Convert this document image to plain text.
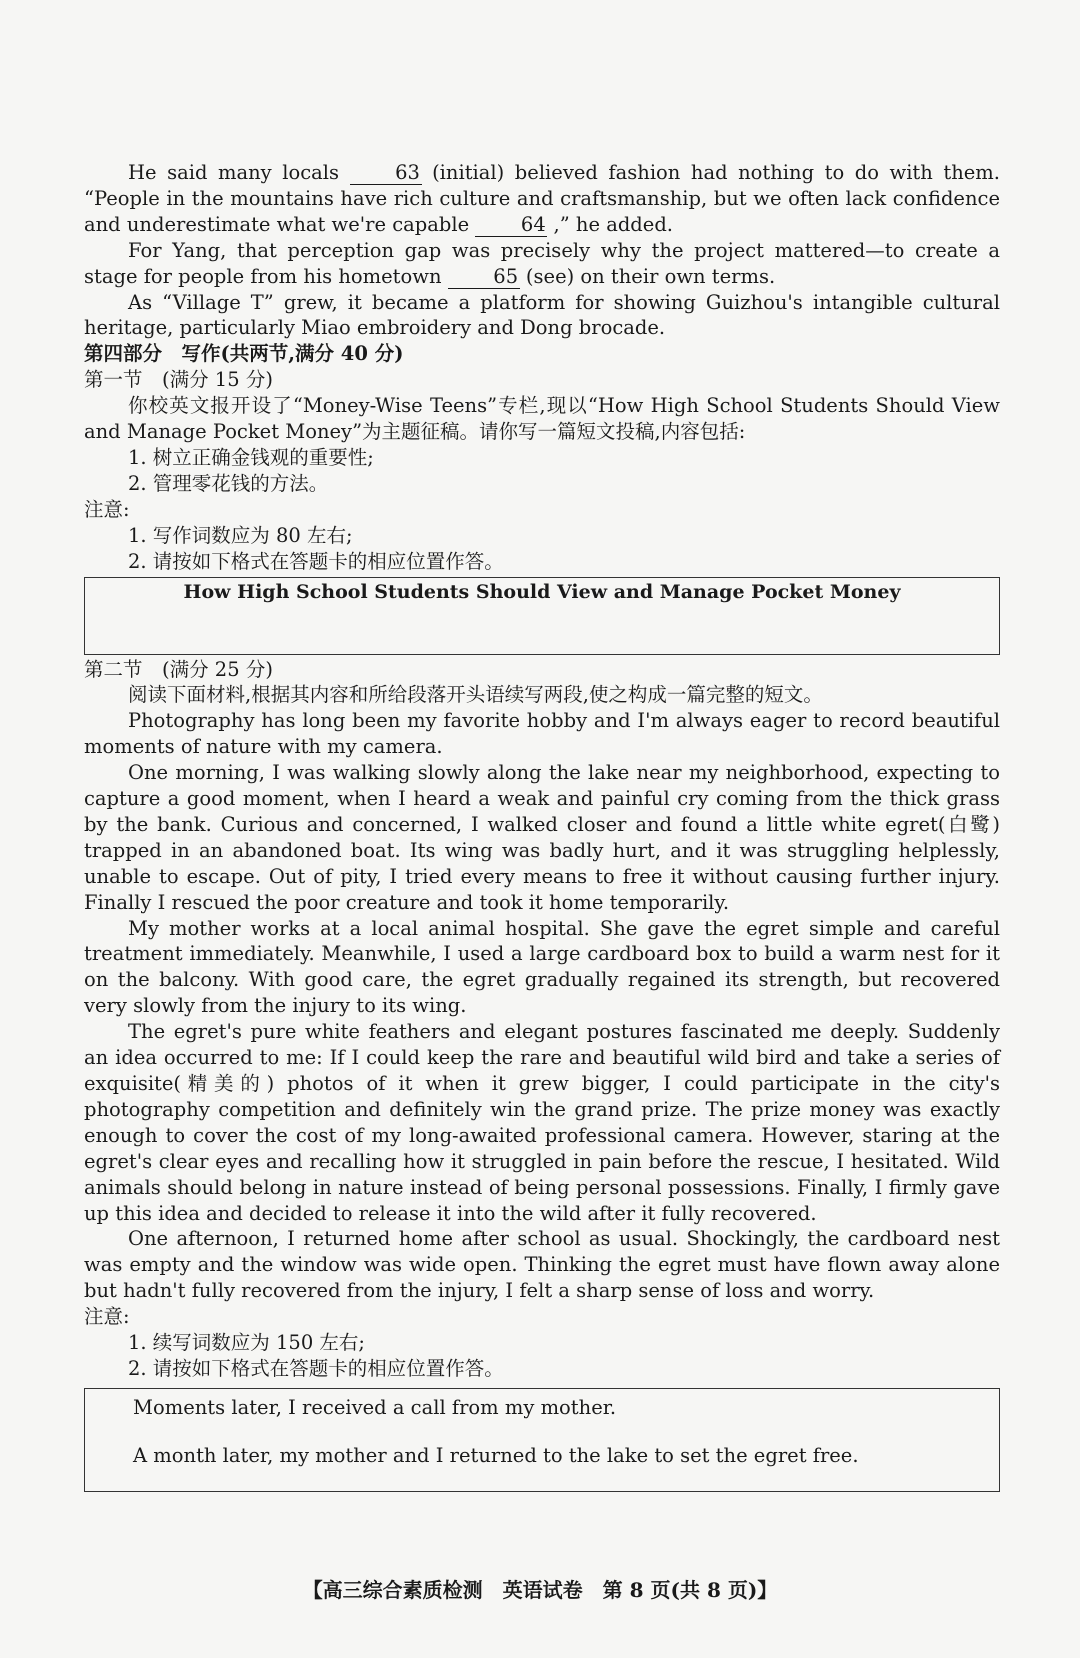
He said many locals 63 (initial) believed fashion had nothing to do with them. “People in the mountains have rich culture and craftsmanship, but we often lack confidence and underestimate what we're capable 64 ,” he added.

For Yang, that perception gap was precisely why the project mattered—to create a stage for people from his hometown 65 (see) on their own terms.

As “Village T” grew, it became a platform for showing Guizhou's intangible cultural heritage, particularly Miao embroidery and Dong brocade.

第四部分　写作(共两节,满分 40 分)

第一节　(满分 15 分)

你校英文报开设了“Money-Wise Teens”专栏,现以“How High School Students Should View and Manage Pocket Money”为主题征稿。请你写一篇短文投稿,内容包括:

1. 树立正确金钱观的重要性;

2. 管理零花钱的方法。

注意:

1. 写作词数应为 80 左右;

2. 请按如下格式在答题卡的相应位置作答。

How High School Students Should View and Manage Pocket Money

第二节　(满分 25 分)

阅读下面材料,根据其内容和所给段落开头语续写两段,使之构成一篇完整的短文。

Photography has long been my favorite hobby and I'm always eager to record beautiful moments of nature with my camera.

One morning, I was walking slowly along the lake near my neighborhood, expecting to capture a good moment, when I heard a weak and painful cry coming from the thick grass by the bank. Curious and concerned, I walked closer and found a little white egret(白鹭) trapped in an abandoned boat. Its wing was badly hurt, and it was struggling helplessly, unable to escape. Out of pity, I tried every means to free it without causing further injury. Finally I rescued the poor creature and took it home temporarily.

My mother works at a local animal hospital. She gave the egret simple and careful treatment immediately. Meanwhile, I used a large cardboard box to build a warm nest for it on the balcony. With good care, the egret gradually regained its strength, but recovered very slowly from the injury to its wing.

The egret's pure white feathers and elegant postures fascinated me deeply. Suddenly an idea occurred to me: If I could keep the rare and beautiful wild bird and take a series of exquisite(精美的) photos of it when it grew bigger, I could participate in the city's photography competition and definitely win the grand prize. The prize money was exactly enough to cover the cost of my long-awaited professional camera. However, staring at the egret's clear eyes and recalling how it struggled in pain before the rescue, I hesitated. Wild animals should belong in nature instead of being personal possessions. Finally, I firmly gave up this idea and decided to release it into the wild after it fully recovered.

One afternoon, I returned home after school as usual. Shockingly, the cardboard nest was empty and the window was wide open. Thinking the egret must have flown away alone but hadn't fully recovered from the injury, I felt a sharp sense of loss and worry.

注意:

1. 续写词数应为 150 左右;

2. 请按如下格式在答题卡的相应位置作答。

Moments later, I received a call from my mother.

A month later, my mother and I returned to the lake to set the egret free.

【高三综合素质检测　英语试卷　第 8 页(共 8 页)】
